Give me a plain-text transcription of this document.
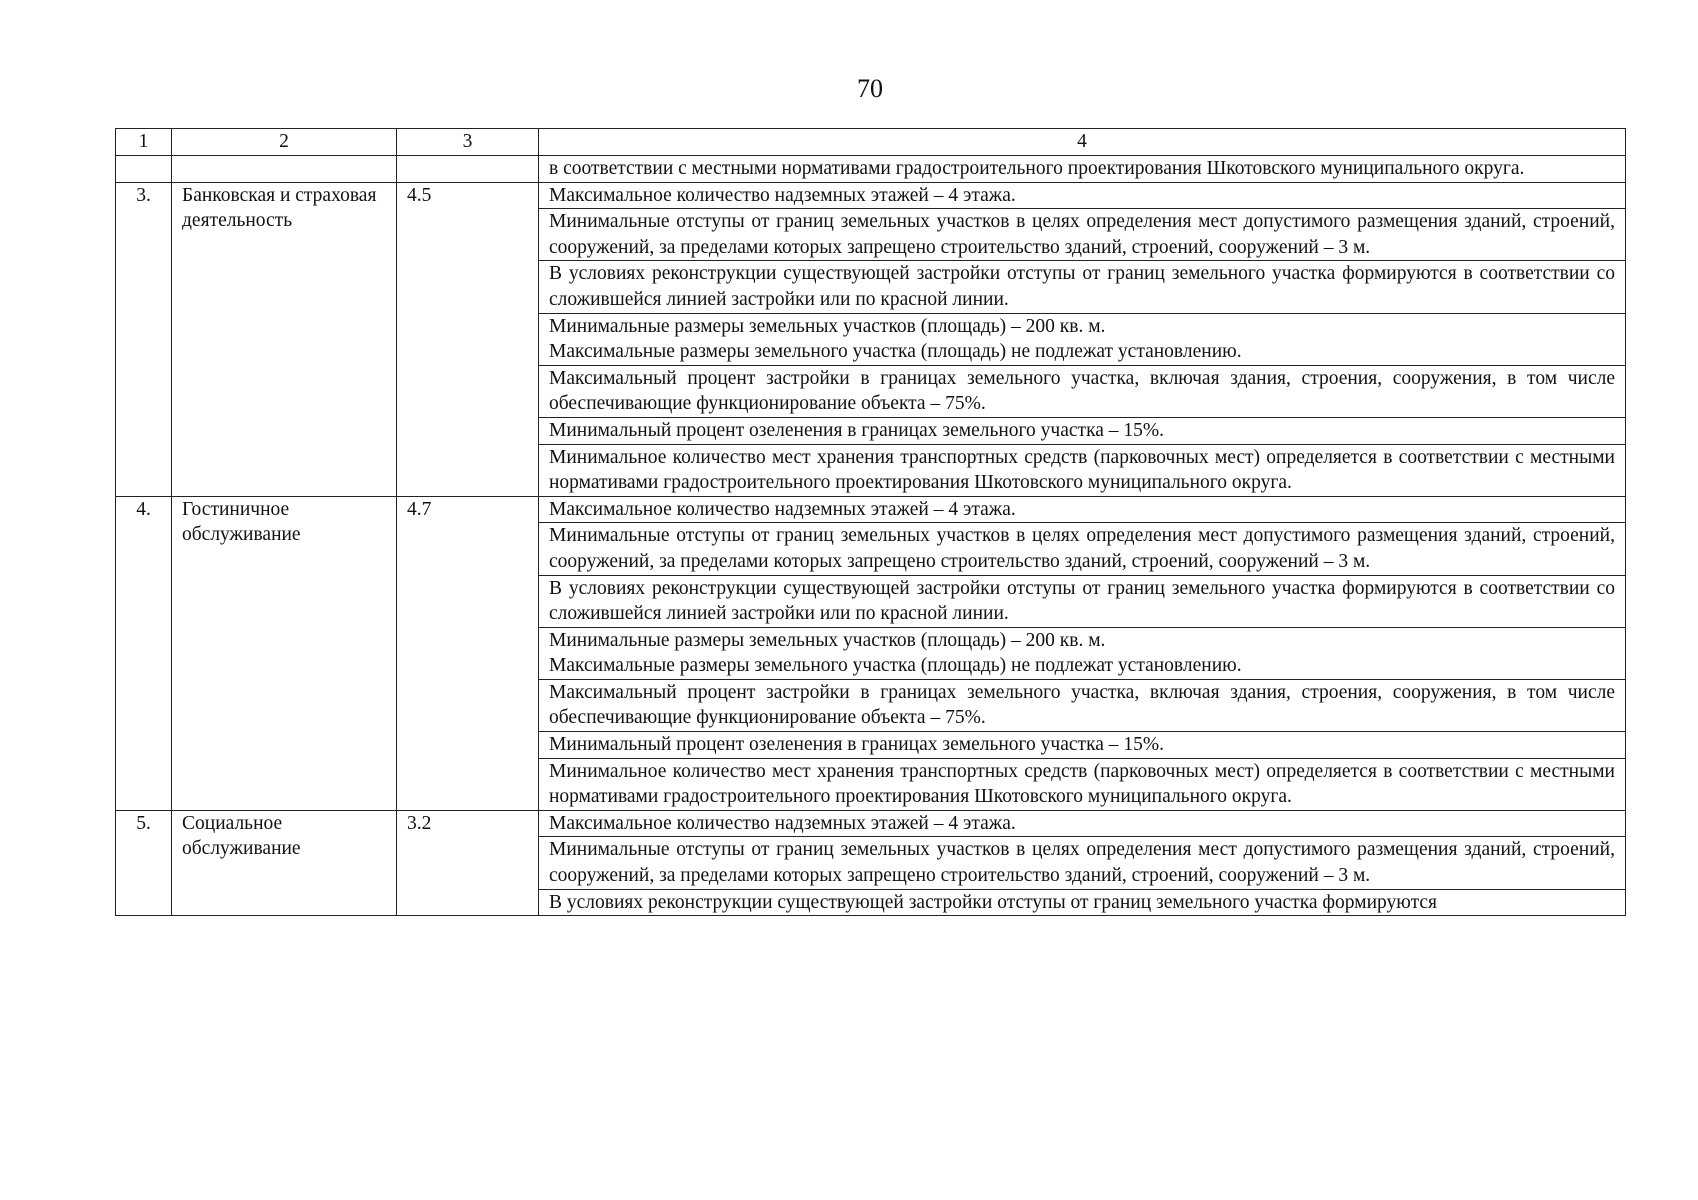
70
1	2	3	4
			в соответствии с местными нормативами градостроительного проектирования Шкотовского муниципального округа.
3.	Банковская и страховая деятельность	4.5	Максимальное количество надземных этажей – 4 этажа.
			Минимальные отступы от границ земельных участков в целях определения мест допустимого размещения зданий, строений, сооружений, за пределами которых запрещено строительство зданий, строений, сооружений – 3 м.
			В условиях реконструкции существующей застройки отступы от границ земельного участка формируются в соответствии со сложившейся линией застройки или по красной линии.

			Минимальные размеры земельных участков (площадь) – 200 кв. м.
Максимальные размеры земельного участка (площадь) не подлежат установлению.

			Максимальный процент застройки в границах земельного участка, включая здания, строения, сооружения, в том числе обеспечивающие функционирование объекта – 75%.
			Минимальный процент озеленения в границах земельного участка – 15%.
			Минимальное количество мест хранения транспортных средств (парковочных мест) определяется в соответствии с местными нормативами градостроительного проектирования Шкотовского муниципального округа.
4.	Гостиничное обслуживание	4.7	Максимальное количество надземных этажей – 4 этажа.
			Минимальные отступы от границ земельных участков в целях определения мест допустимого размещения зданий, строений, сооружений, за пределами которых запрещено строительство зданий, строений, сооружений – 3 м.
			В условиях реконструкции существующей застройки отступы от границ земельного участка формируются в соответствии со сложившейся линией застройки или по красной линии.

			Минимальные размеры земельных участков (площадь) – 200 кв. м.
Максимальные размеры земельного участка (площадь) не подлежат установлению.

			Максимальный процент застройки в границах земельного участка, включая здания, строения, сооружения, в том числе обеспечивающие функционирование объекта – 75%.
			Минимальный процент озеленения в границах земельного участка – 15%.
			Минимальное количество мест хранения транспортных средств (парковочных мест) определяется в соответствии с местными нормативами градостроительного проектирования Шкотовского муниципального округа.
5.	Социальное обслуживание	3.2	Максимальное количество надземных этажей – 4 этажа.
			Минимальные отступы от границ земельных участков в целях определения мест допустимого размещения зданий, строений, сооружений, за пределами которых запрещено строительство зданий, строений, сооружений – 3 м.
			В условиях реконструкции существующей застройки отступы от границ земельного участка формируются
